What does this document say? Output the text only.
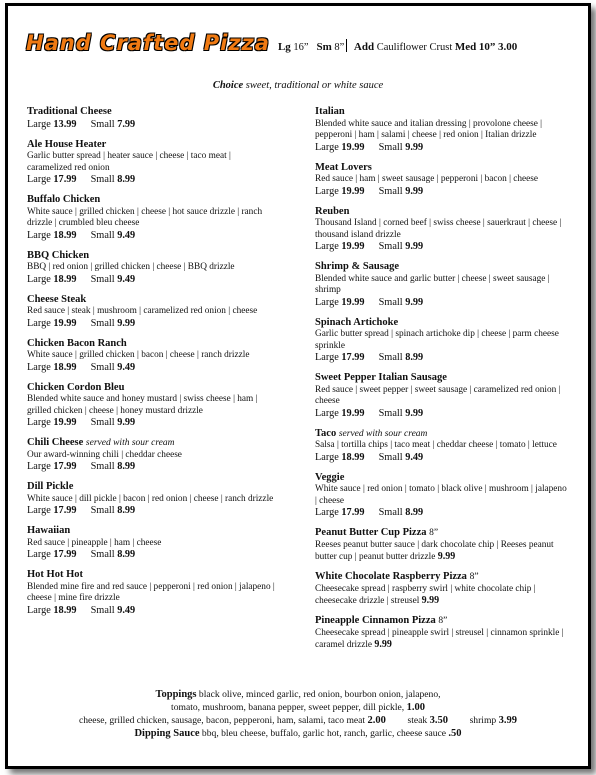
Hand Crafted Pizza Lg 16” Sm 8” Add Cauliflower Crust Med 10” 3.00
Choice sweet, traditional or white sauce
Traditional Cheese
Large 13.99 Small 7.99
Ale House Heater
Garlic butter spread | heater sauce | cheese | taco meat | caramelized red onion
Large 17.99 Small 8.99
Buffalo Chicken
White sauce | grilled chicken | cheese | hot sauce drizzle | ranch drizzle | crumbled bleu cheese
Large 18.99 Small 9.49
BBQ Chicken
BBQ | red onion | grilled chicken | cheese | BBQ drizzle
Large 18.99 Small 9.49
Cheese Steak
Red sauce | steak | mushroom | caramelized red onion | cheese
Large 19.99 Small 9.99
Chicken Bacon Ranch
White sauce | grilled chicken | bacon | cheese | ranch drizzle
Large 18.99 Small 9.49
Chicken Cordon Bleu
Blended white sauce and honey mustard | swiss cheese | ham | grilled chicken | cheese | honey mustard drizzle
Large 19.99 Small 9.99
Chili Cheese served with sour cream
Our award-winning chili | cheddar cheese
Large 17.99 Small 8.99
Dill Pickle
White sauce | dill pickle | bacon | red onion | cheese | ranch drizzle
Large 17.99 Small 8.99
Hawaiian
Red sauce | pineapple | ham | cheese
Large 17.99 Small 8.99
Hot Hot Hot
Blended mine fire and red sauce | pepperoni | red onion | jalapeno | cheese | mine fire drizzle
Large 18.99 Small 9.49
Italian
Blended white sauce and italian dressing | provolone cheese | pepperoni | ham | salami | cheese | red onion | Italian drizzle
Large 19.99 Small 9.99
Meat Lovers
Red sauce | ham | sweet sausage | pepperoni | bacon | cheese
Large 19.99 Small 9.99
Reuben
Thousand Island | corned beef | swiss cheese | sauerkraut | cheese | thousand island drizzle
Large 19.99 Small 9.99
Shrimp & Sausage
Blended white sauce and garlic butter | cheese | sweet sausage | shrimp
Large 19.99 Small 9.99
Spinach Artichoke
Garlic butter spread | spinach artichoke dip | cheese | parm cheese sprinkle
Large 17.99 Small 8.99
Sweet Pepper Italian Sausage
Red sauce | sweet pepper | sweet sausage | caramelized red onion | cheese
Large 19.99 Small 9.99
Taco served with sour cream
Salsa | tortilla chips | taco meat | cheddar cheese | tomato | lettuce
Large 18.99 Small 9.49
Veggie
White sauce | red onion | tomato | black olive | mushroom | jalapeno | cheese
Large 17.99 Small 8.99
Peanut Butter Cup Pizza 8”
Reeses peanut butter sauce | dark chocolate chip | Reeses peanut butter cup | peanut butter drizzle 9.99
White Chocolate Raspberry Pizza 8”
Cheesecake spread | raspberry swirl | white chocolate chip | cheesecake drizzle | streusel 9.99
Pineapple Cinnamon Pizza 8”
Cheesecake spread | pineapple swirl | streusel | cinnamon sprinkle | caramel drizzle 9.99
Toppings black olive, minced garlic, red onion, bourbon onion, jalapeno,
tomato, mushroom, banana pepper, sweet pepper, dill pickle, 1.00
cheese, grilled chicken, sausage, bacon, pepperoni, ham, salami, taco meat 2.00 steak 3.50 shrimp 3.99
Dipping Sauce bbq, bleu cheese, buffalo, garlic hot, ranch, garlic, cheese sauce .50
